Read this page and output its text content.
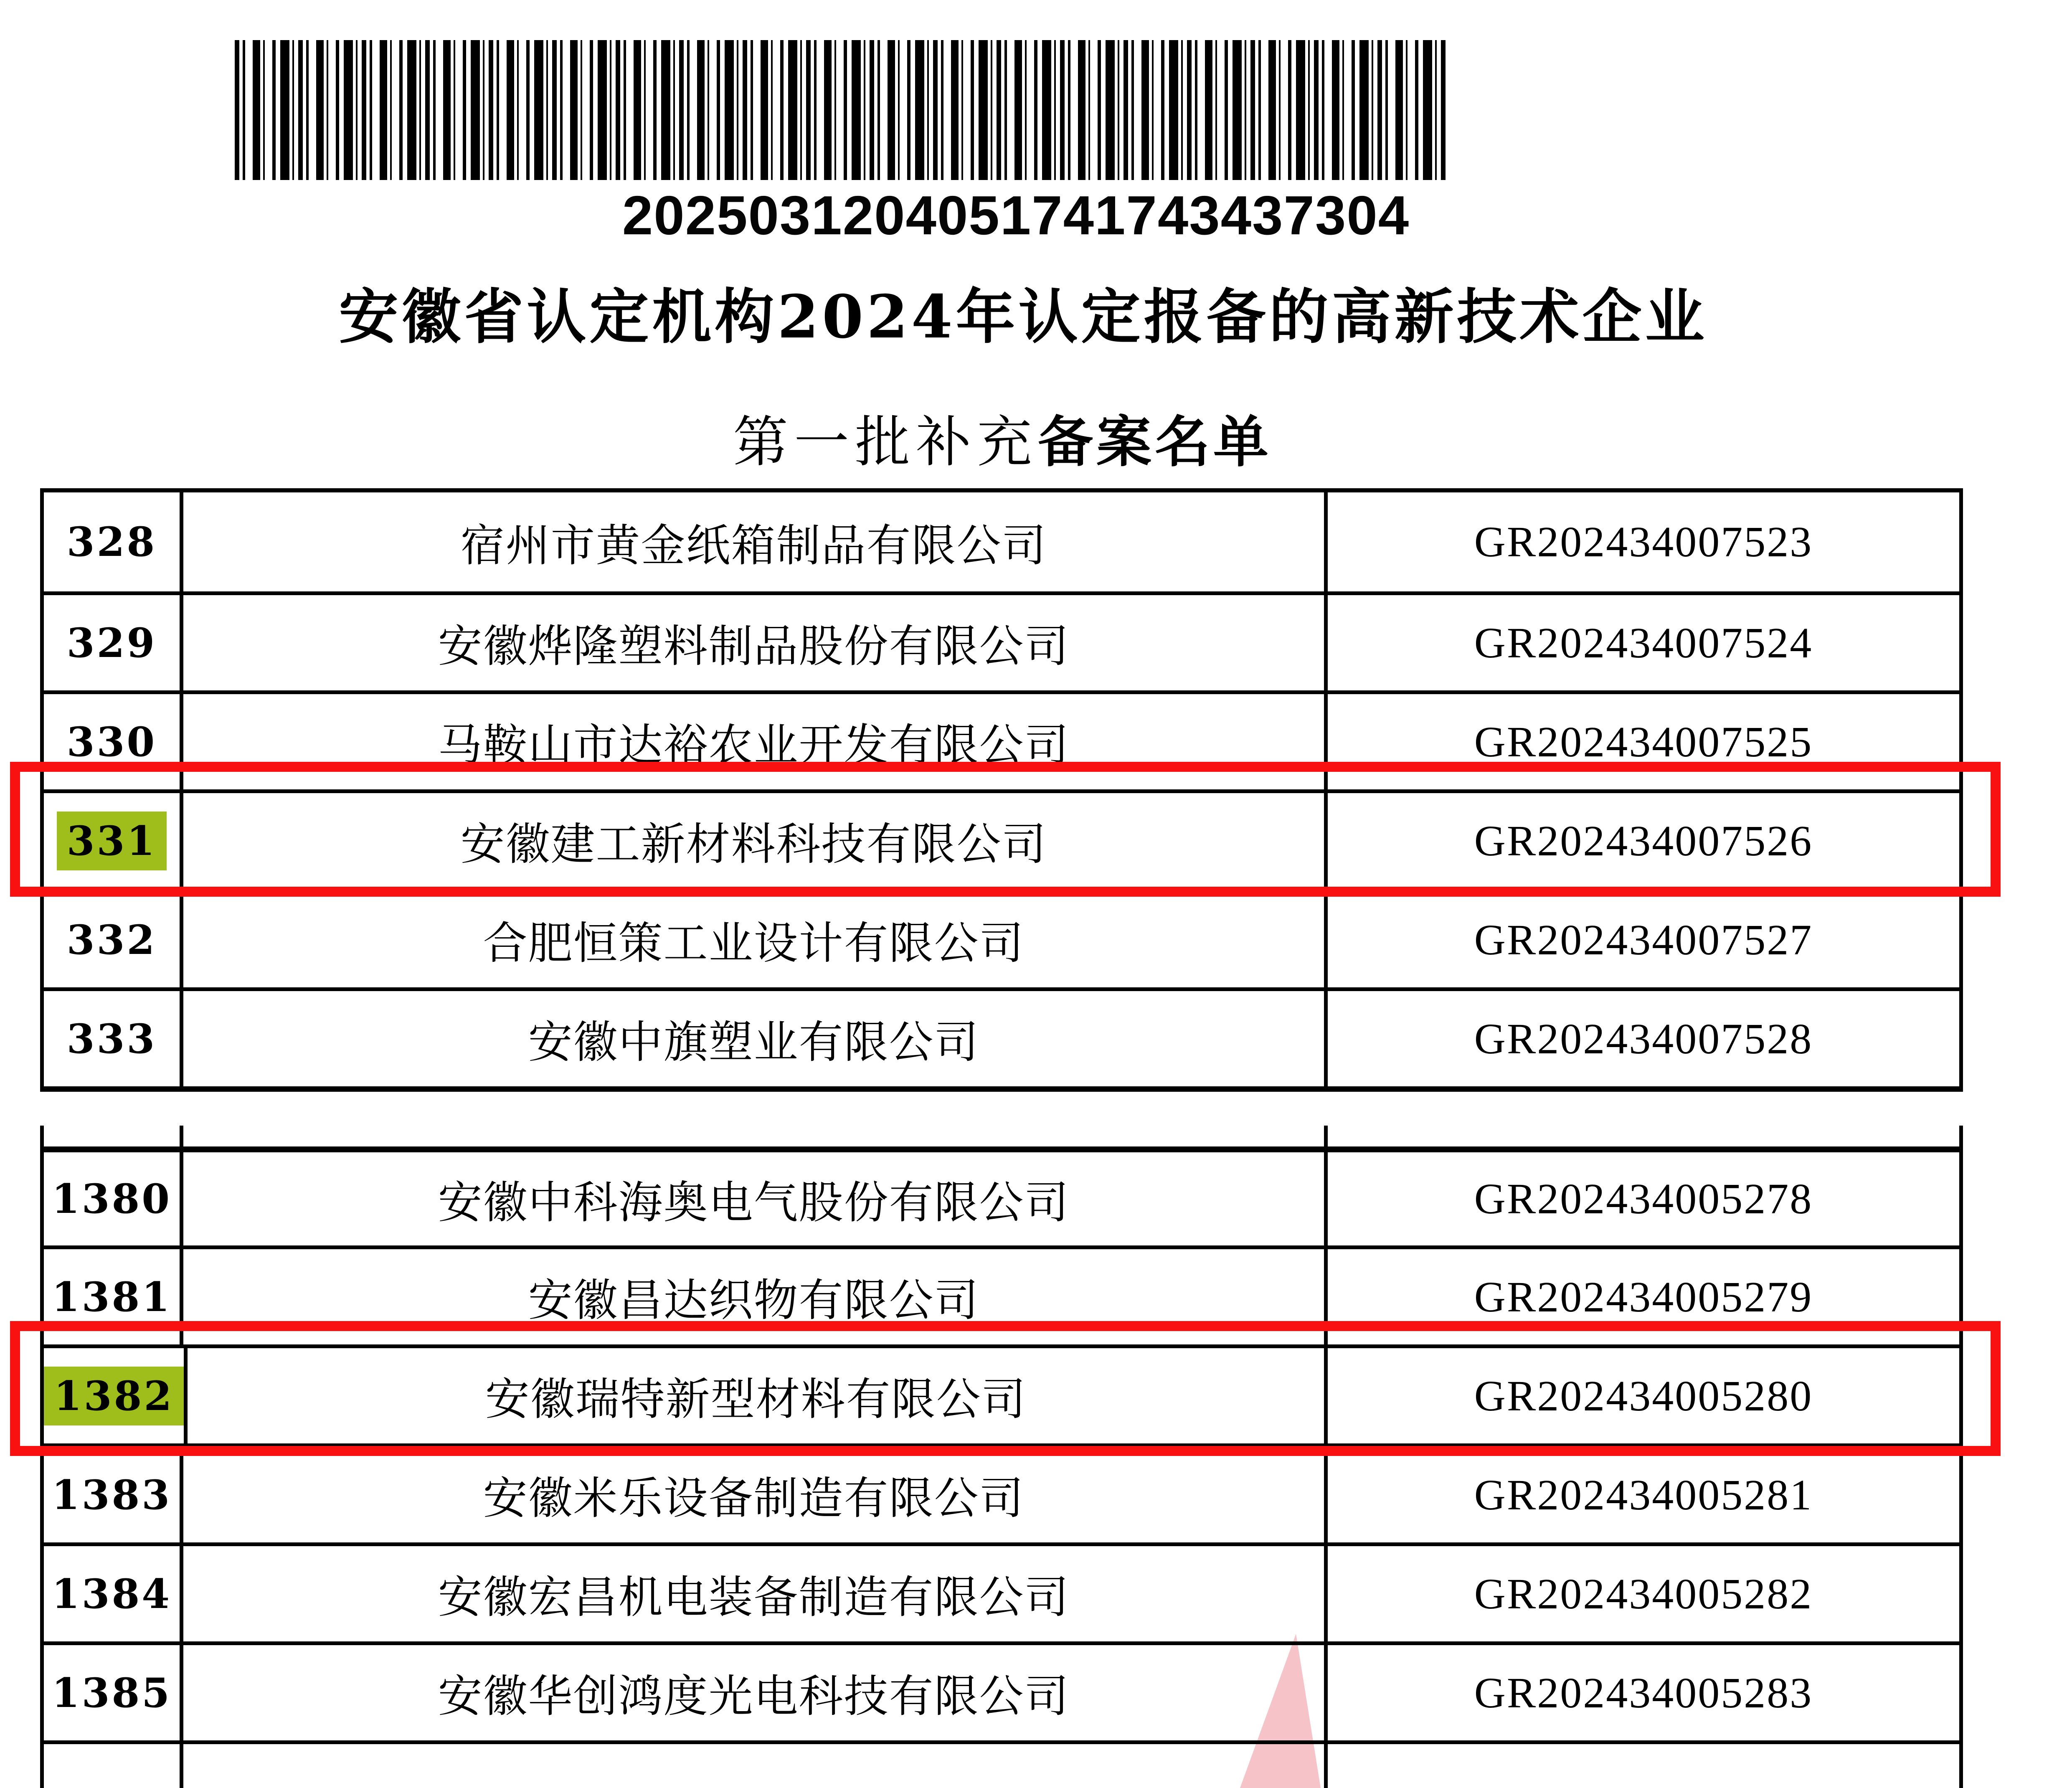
2025031204051741743437304
安徽省认定机构2024年认定报备的高新技术企业
第一批补充备案名单
328	宿州市黄金纸箱制品有限公司	GR202434007523
329	安徽烨隆塑料制品股份有限公司	GR202434007524
330	马鞍山市达裕农业开发有限公司	GR202434007525
331	安徽建工新材料科技有限公司	GR202434007526
332	合肥恒策工业设计有限公司	GR202434007527
333	安徽中旗塑业有限公司	GR202434007528
1380	安徽中科海奥电气股份有限公司	GR202434005278
1381	安徽昌达织物有限公司	GR202434005279
1382	安徽瑞特新型材料有限公司	GR202434005280
1383	安徽米乐设备制造有限公司	GR202434005281
1384	安徽宏昌机电装备制造有限公司	GR202434005282
1385	安徽华创鸿度光电科技有限公司	GR202434005283
